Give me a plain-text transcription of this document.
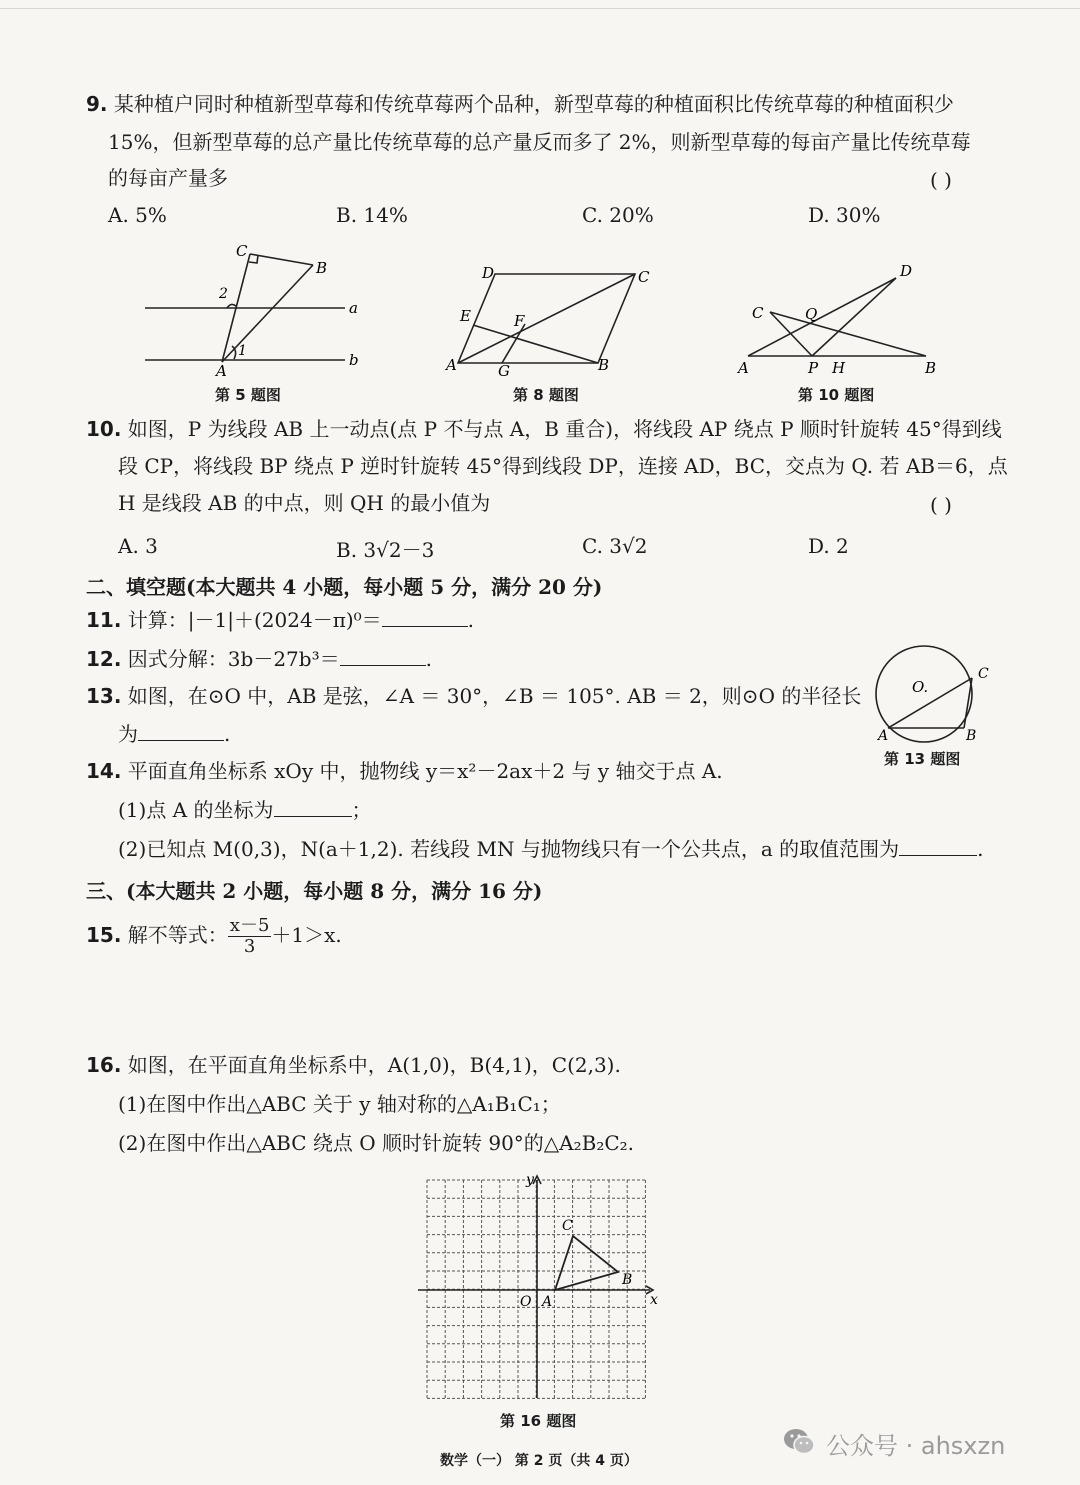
9. 某种植户同时种植新型草莓和传统草莓两个品种，新型草莓的种植面积比传统草莓的种植面积少
15%，但新型草莓的总产量比传统草莓的总产量反而多了 2%，则新型草莓的每亩产量比传统草莓
的每亩产量多	( )
A. 5%	B. 14%	C. 20%	D. 30%
C
B
2
a
1	b
A
第 5 题图
D	C
E	F
A	G	B
第 8 题图
D
C	Q
A	P H	B
第 10 题图
10. 如图，P 为线段 AB 上一动点(点 P 不与点 A，B 重合)，将线段 AP 绕点 P 顺时针旋转 45°得到线
段 CP，将线段 BP 绕点 P 逆时针旋转 45°得到线段 DP，连接 AD，BC，交点为 Q. 若 AB＝6，点
H 是线段 AB 的中点，则 QH 的最小值为	( )
A. 3	B. 3√2－3	C. 3√2	D. 2
二、填空题(本大题共 4 小题，每小题 5 分，满分 20 分)
11. 计算：|－1|＋(2024－π)⁰＝	.
12. 因式分解：3b－27b³＝	.
13. 如图，在⊙O 中，AB 是弦，∠A ＝ 30°，∠B ＝ 105°. AB ＝ 2，则⊙O 的半径长
为	.
O.
C
A	B
第 13 题图
14. 平面直角坐标系 xOy 中，抛物线 y＝x²－2ax＋2 与 y 轴交于点 A.
(1)点 A 的坐标为	；
(2)已知点 M(0,3)，N(a＋1,2). 若线段 MN 与抛物线只有一个公共点，a 的取值范围为	.
三、(本大题共 2 小题，每小题 8 分，满分 16 分)
15. 解不等式： $\frac{x-5}{3} +1>x$.
16. 如图，在平面直角坐标系中，A(1,0)，B(4,1)，C(2,3).
(1)在图中作出△ABC 关于 y 轴对称的△A₁B₁C₁；
(2)在图中作出△ABC 绕点 O 顺时针旋转 90°的△A₂B₂C₂.
y
C
B
O A	x
第 16 题图
数学（一） 第 2 页（共 4 页）
公众号 · ahsxzn
